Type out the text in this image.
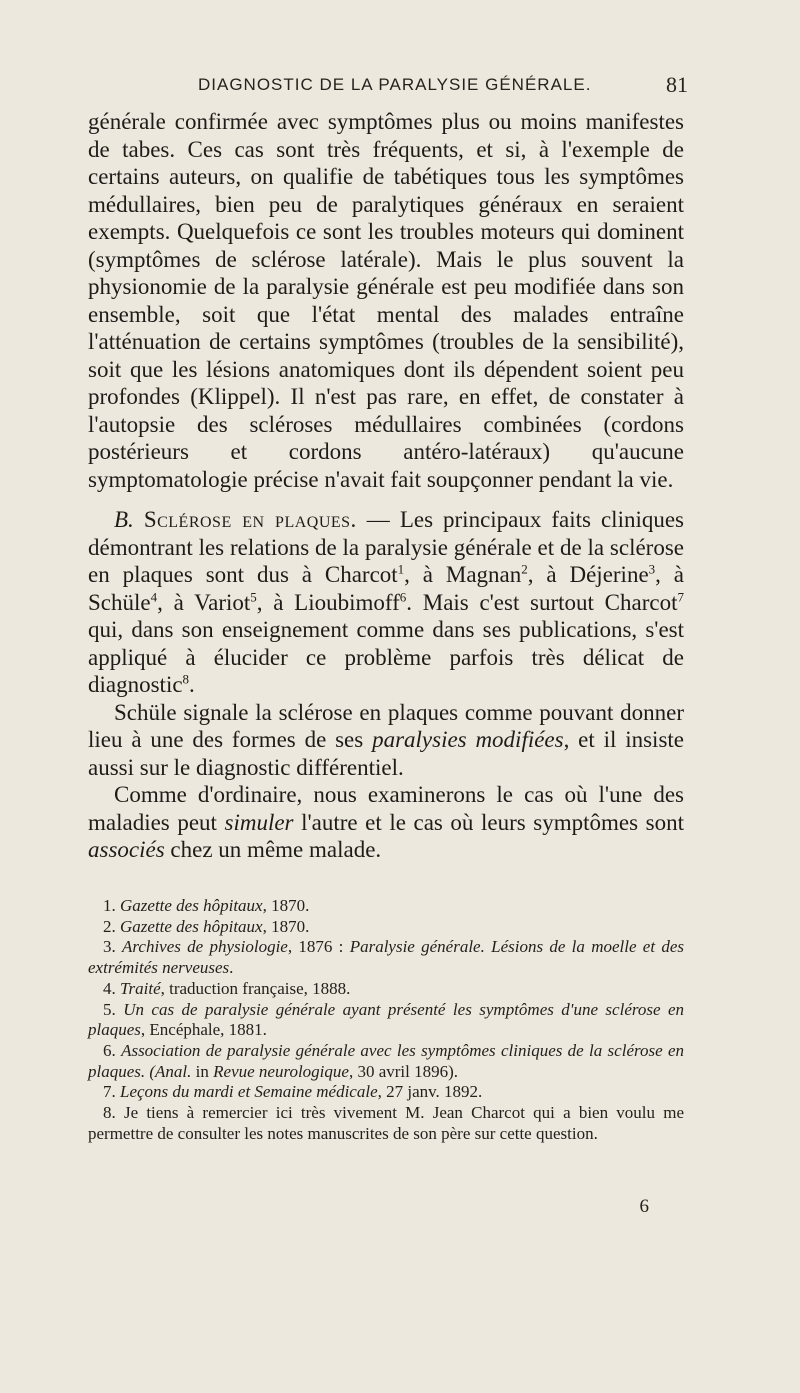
DIAGNOSTIC DE LA PARALYSIE GÉNÉRALE.	81

générale confirmée avec symptômes plus ou moins manifestes de tabes. Ces cas sont très fréquents, et si, à l'exemple de certains auteurs, on qualifie de tabétiques tous les symptômes médullaires, bien peu de paralytiques généraux en seraient exempts. Quelquefois ce sont les troubles moteurs qui dominent (symptômes de sclérose latérale). Mais le plus souvent la physionomie de la paralysie générale est peu modifiée dans son ensemble, soit que l'état mental des malades entraîne l'atténuation de certains symptômes (troubles de la sensibilité), soit que les lésions anatomiques dont ils dépendent soient peu profondes (Klippel). Il n'est pas rare, en effet, de constater à l'autopsie des scléroses médullaires combinées (cordons postérieurs et cordons antéro-latéraux) qu'aucune symptomatologie précise n'avait fait soupçonner pendant la vie.

B. Sclérose en plaques. — Les principaux faits cliniques démontrant les relations de la paralysie générale et de la sclérose en plaques sont dus à Charcot$^1$, à Magnan$^2$, à Déjerine$^3$, à Schüle$^4$, à Variot$^5$, à Lioubimoff$^6$. Mais c'est surtout Charcot$^7$ qui, dans son enseignement comme dans ses publications, s'est appliqué à élucider ce problème parfois très délicat de diagnostic$^8$.

Schüle signale la sclérose en plaques comme pouvant donner lieu à une des formes de ses paralysies modifiées, et il insiste aussi sur le diagnostic différentiel.

Comme d'ordinaire, nous examinerons le cas où l'une des maladies peut simuler l'autre et le cas où leurs symptômes sont associés chez un même malade.

1. Gazette des hôpitaux, 1870.

2. Gazette des hôpitaux, 1870.

3. Archives de physiologie, 1876 : Paralysie générale. Lésions de la moelle et des extrémités nerveuses.

4. Traité, traduction française, 1888.

5. Un cas de paralysie générale ayant présenté les symptômes d'une sclérose en plaques, Encéphale, 1881.

6. Association de paralysie générale avec les symptômes cliniques de la sclérose en plaques. (Anal. in Revue neurologique, 30 avril 1896).

7. Leçons du mardi et Semaine médicale, 27 janv. 1892.

8. Je tiens à remercier ici très vivement M. Jean Charcot qui a bien voulu me permettre de consulter les notes manuscrites de son père sur cette question.

6
